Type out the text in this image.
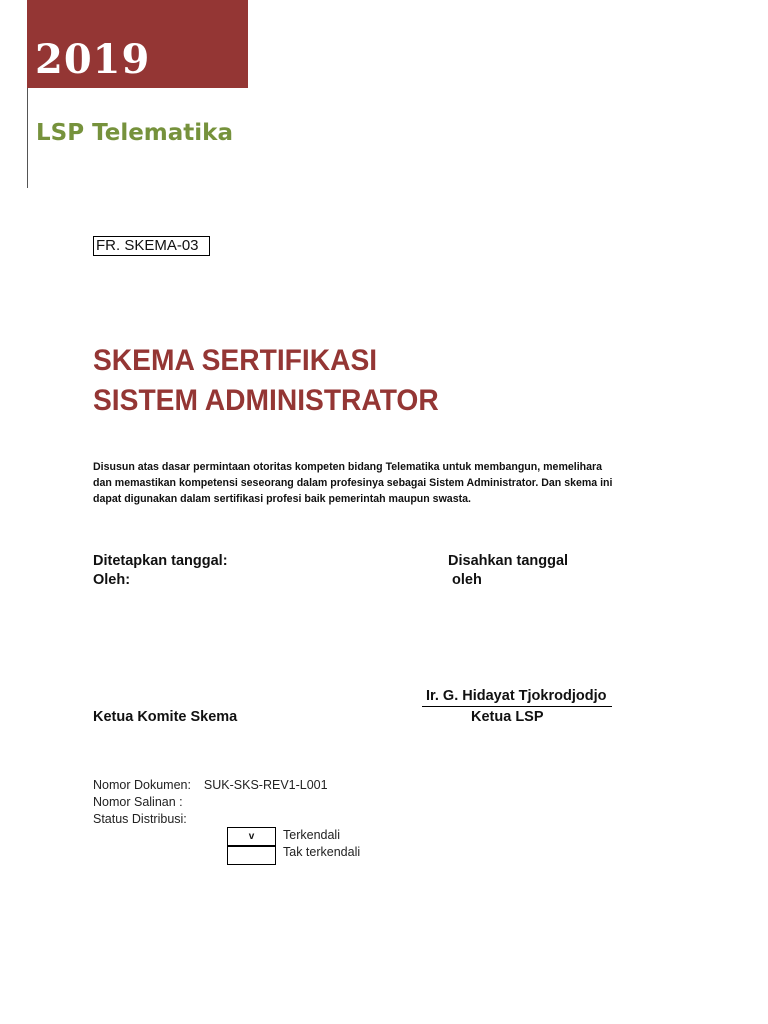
2019
LSP Telematika
FR. SKEMA-03
SKEMA SERTIFIKASI
SISTEM ADMINISTRATOR
Disusun atas dasar permintaan otoritas kompeten bidang Telematika untuk membangun, memelihara
dan memastikan kompetensi seseorang dalam profesinya sebagai Sistem Administrator. Dan skema ini
dapat digunakan dalam sertifikasi profesi baik pemerintah maupun swasta.
Ditetapkan tanggal:
Oleh:
Disahkan tanggal
oleh
Ir. G. Hidayat Tjokrodjodjo
Ketua Komite Skema	Ketua LSP
Nomor Dokumen: SUK-SKS-REV1-L001
Nomor Salinan :
Status Distribusi:
v	Terkendali
Tak terkendali
